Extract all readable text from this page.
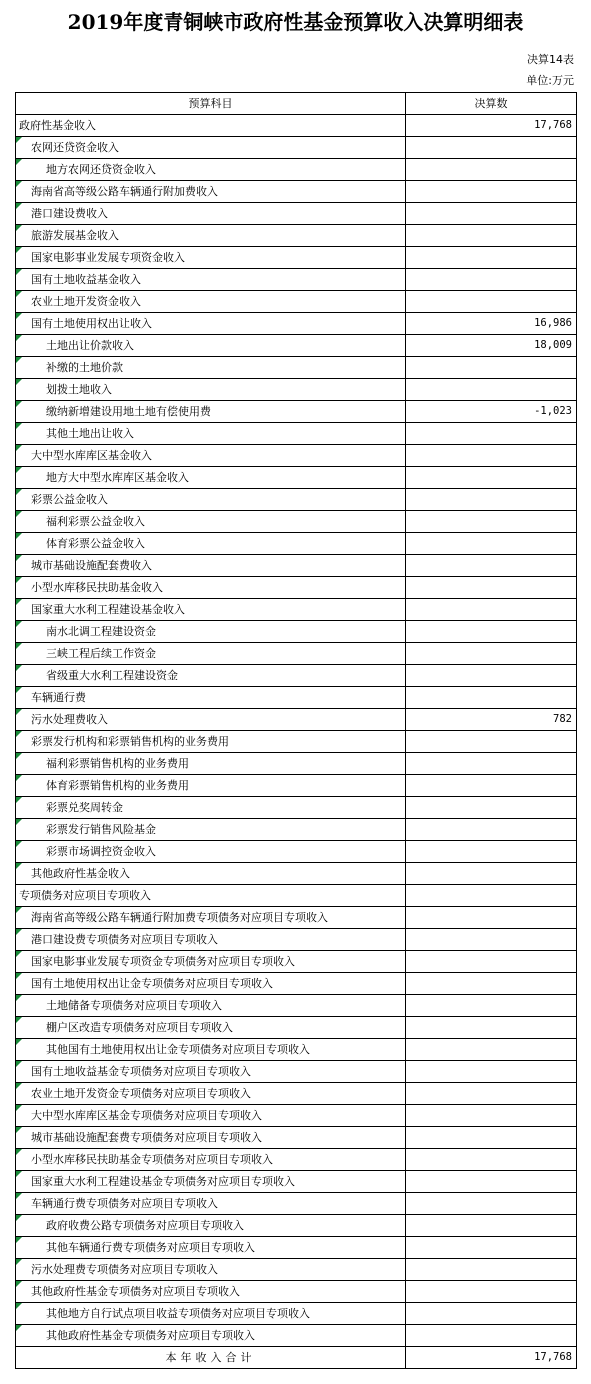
2019年度青铜峡市政府性基金预算收入决算明细表
决算14表
单位:万元
预算科目	决算数
政府性基金收入	17,768
农网还贷资金收入	
地方农网还贷资金收入	
海南省高等级公路车辆通行附加费收入	
港口建设费收入	
旅游发展基金收入	
国家电影事业发展专项资金收入	
国有土地收益基金收入	
农业土地开发资金收入	
国有土地使用权出让收入	16,986
土地出让价款收入	18,009
补缴的土地价款	
划拨土地收入	
缴纳新增建设用地土地有偿使用费	-1,023
其他土地出让收入	
大中型水库库区基金收入	
地方大中型水库库区基金收入	
彩票公益金收入	
福利彩票公益金收入	
体育彩票公益金收入	
城市基础设施配套费收入	
小型水库移民扶助基金收入	
国家重大水利工程建设基金收入	
南水北调工程建设资金	
三峡工程后续工作资金	
省级重大水利工程建设资金	
车辆通行费	
污水处理费收入	782
彩票发行机构和彩票销售机构的业务费用	
福利彩票销售机构的业务费用	
体育彩票销售机构的业务费用	
彩票兑奖周转金	
彩票发行销售风险基金	
彩票市场调控资金收入	
其他政府性基金收入	
专项债务对应项目专项收入	
海南省高等级公路车辆通行附加费专项债务对应项目专项收入	
港口建设费专项债务对应项目专项收入	
国家电影事业发展专项资金专项债务对应项目专项收入	
国有土地使用权出让金专项债务对应项目专项收入	
土地储备专项债务对应项目专项收入	
棚户区改造专项债务对应项目专项收入	
其他国有土地使用权出让金专项债务对应项目专项收入	
国有土地收益基金专项债务对应项目专项收入	
农业土地开发资金专项债务对应项目专项收入	
大中型水库库区基金专项债务对应项目专项收入	
城市基础设施配套费专项债务对应项目专项收入	
小型水库移民扶助基金专项债务对应项目专项收入	
国家重大水利工程建设基金专项债务对应项目专项收入	
车辆通行费专项债务对应项目专项收入	
政府收费公路专项债务对应项目专项收入	
其他车辆通行费专项债务对应项目专项收入	
污水处理费专项债务对应项目专项收入	
其他政府性基金专项债务对应项目专项收入	
其他地方自行试点项目收益专项债务对应项目专项收入	
其他政府性基金专项债务对应项目专项收入	
本年收入合计	17,768
